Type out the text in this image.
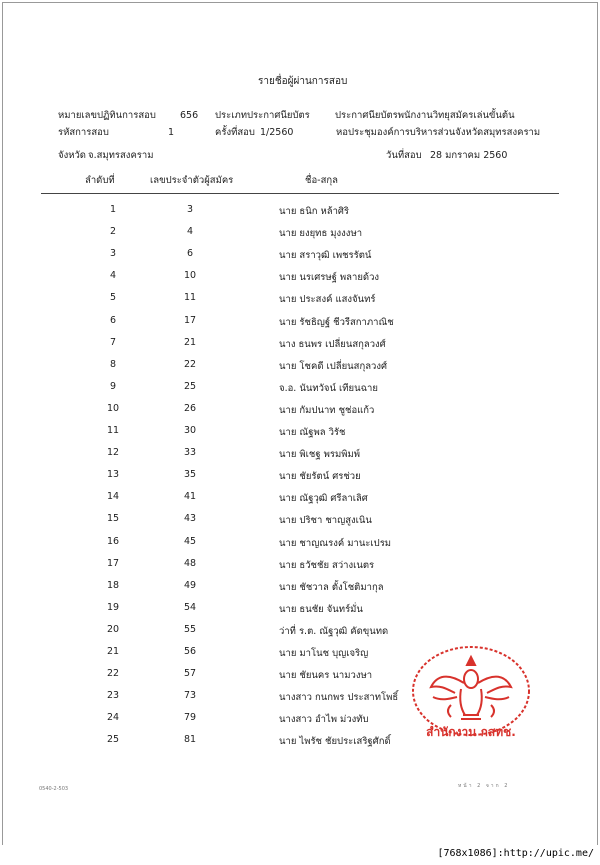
รายชื่อผู้ผ่านการสอบ
หมายเลขปฏิทินการสอบ	656 ประเภทประกาศนียบัตร	ประกาศนียบัตรพนักงานวิทยุสมัครเล่นขั้นต้น
รหัสการสอบ	1	ครั้งที่สอบ 1/2560	หอประชุมองค์การบริหารส่วนจังหวัดสมุทรสงคราม
จังหวัด จ.สมุทรสงคราม	วันที่สอบ 28 มกราคม 2560
ลำดับที่	เลขประจำตัวผู้สมัคร	ชื่อ-สกุล
1	3	นาย ธนิก หล้าศิริ
2	4	นาย ยงยุทธ มุงงงษา
3	6	นาย สราวุฒิ เพชรรัตน์
4	10	นาย นรเศรษฐ์ พลายด้วง
5	11	นาย ประสงค์ แสงจันทร์
6	17	นาย รัชธิญฐ์ ชีวรีสกาภาณิช
7	21	นาง ธนพร เปลี่ยนสกุลวงศ์
8	22	นาย โชคดี เปลี่ยนสกุลวงศ์
9	25	จ.อ. นันทวัจน์ เทียนฉาย
10	26	นาย กัมปนาท ชูช่อแก้ว
11	30	นาย ณัฐพล วิรัช
12	33	นาย พิเชฐ พรมพิมพ์
13	35	นาย ชัยรัตน์ ศรช่วย
14	41	นาย ณัฐวุฒิ ศรีลาเลิศ
15	43	นาย ปริชา ชาญสูงเนิน
16	45	นาย ชาญณรงค์ มานะเปรม
17	48	นาย ธวัชชัย สว่างเนตร
18	49	นาย ชัชวาล ตั้งโชติมากุล
19	54	นาย ธนชัย จันทร์มั่น
20	55	ว่าที่ ร.ต. ณัฐวุฒิ คัดขุนทด
21	56	นาย มาโนช บุญเจริญ
22	57	นาย ชัยนคร นามวงษา
23	73	นางสาว กนกพร ประสาทโพธิ์
24	79	นางสาว อำไพ ม่วงทับ
25	81	นาย ไพรัช ชัยประเสริฐศักดิ์
สำนักงาน กสทช.
0540-2-503	หน้า 2 จาก 2
[768x1086]:http://upic.me/
